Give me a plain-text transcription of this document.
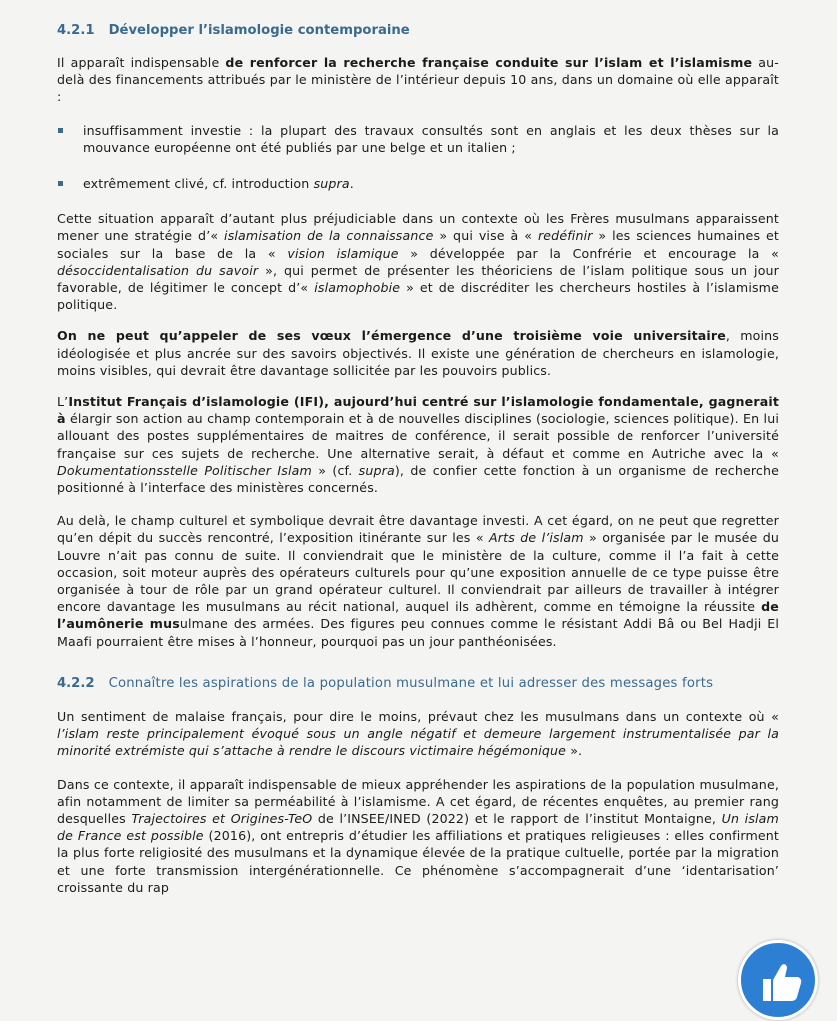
4.2.1 Développer l’islamologie contemporaine

Il apparaît indispensable de renforcer la recherche française conduite sur l’islam et l’islamisme au-delà des financements attribués par le ministère de l’intérieur depuis 10 ans, dans un domaine où elle apparaît :

insuffisamment investie : la plupart des travaux consultés sont en anglais et les deux thèses sur la mouvance européenne ont été publiés par une belge et un italien ;
extrêmement clivé, cf. introduction supra.

Cette situation apparaît d’autant plus préjudiciable dans un contexte où les Frères musulmans apparaissent mener une stratégie d’« islamisation de la connaissance » qui vise à « redéfinir » les sciences humaines et sociales sur la base de la « vision islamique » développée par la Confrérie et encourage la « désoccidentalisation du savoir », qui permet de présenter les théoriciens de l’islam politique sous un jour favorable, de légitimer le concept d’« islamophobie » et de discréditer les chercheurs hostiles à l’islamisme politique.

On ne peut qu’appeler de ses vœux l’émergence d’une troisième voie universitaire, moins idéologisée et plus ancrée sur des savoirs objectivés. Il existe une génération de chercheurs en islamologie, moins visibles, qui devrait être davantage sollicitée par les pouvoirs publics.

L’Institut Français d’islamologie (IFI), aujourd’hui centré sur l’islamologie fondamentale, gagnerait à élargir son action au champ contemporain et à de nouvelles disciplines (sociologie, sciences politique). En lui allouant des postes supplémentaires de maitres de conférence, il serait possible de renforcer l’université française sur ces sujets de recherche. Une alternative serait, à défaut et comme en Autriche avec la « Dokumentationsstelle Politischer Islam » (cf. supra), de confier cette fonction à un organisme de recherche positionné à l’interface des ministères concernés.

Au delà, le champ culturel et symbolique devrait être davantage investi. A cet égard, on ne peut que regretter qu’en dépit du succès rencontré, l’exposition itinérante sur les « Arts de l’islam » organisée par le musée du Louvre n’ait pas connu de suite. Il conviendrait que le ministère de la culture, comme il l’a fait à cette occasion, soit moteur auprès des opérateurs culturels pour qu’une exposition annuelle de ce type puisse être organisée à tour de rôle par un grand opérateur culturel. Il conviendrait par ailleurs de travailler à intégrer encore davantage les musulmans au récit national, auquel ils adhèrent, comme en témoigne la réussite de l’aumônerie musulmane des armées. Des figures peu connues comme le résistant Addi Bâ ou Bel Hadji El Maafi pourraient être mises à l’honneur, pourquoi pas un jour panthéonisées.

4.2.2 Connaître les aspirations de la population musulmane et lui adresser des messages forts

Un sentiment de malaise français, pour dire le moins, prévaut chez les musulmans dans un contexte où « l’islam reste principalement évoqué sous un angle négatif et demeure largement instrumentalisée par la minorité extrémiste qui s’attache à rendre le discours victimaire hégémonique ».

Dans ce contexte, il apparaît indispensable de mieux appréhender les aspirations de la population musulmane, afin notamment de limiter sa perméabilité à l’islamisme. A cet égard, de récentes enquêtes, au premier rang desquelles Trajectoires et Origines-TeO de l’INSEE/INED (2022) et le rapport de l’institut Montaigne, Un islam de France est possible (2016), ont entrepris d’étudier les affiliations et pratiques religieuses : elles confirment la plus forte religiosité des musulmans et la dynamique élevée de la pratique cultuelle, portée par la migration et une forte transmission intergénérationnelle. Ce phénomène s’accompagnerait d’une ‘identarisation’ croissante du rap
